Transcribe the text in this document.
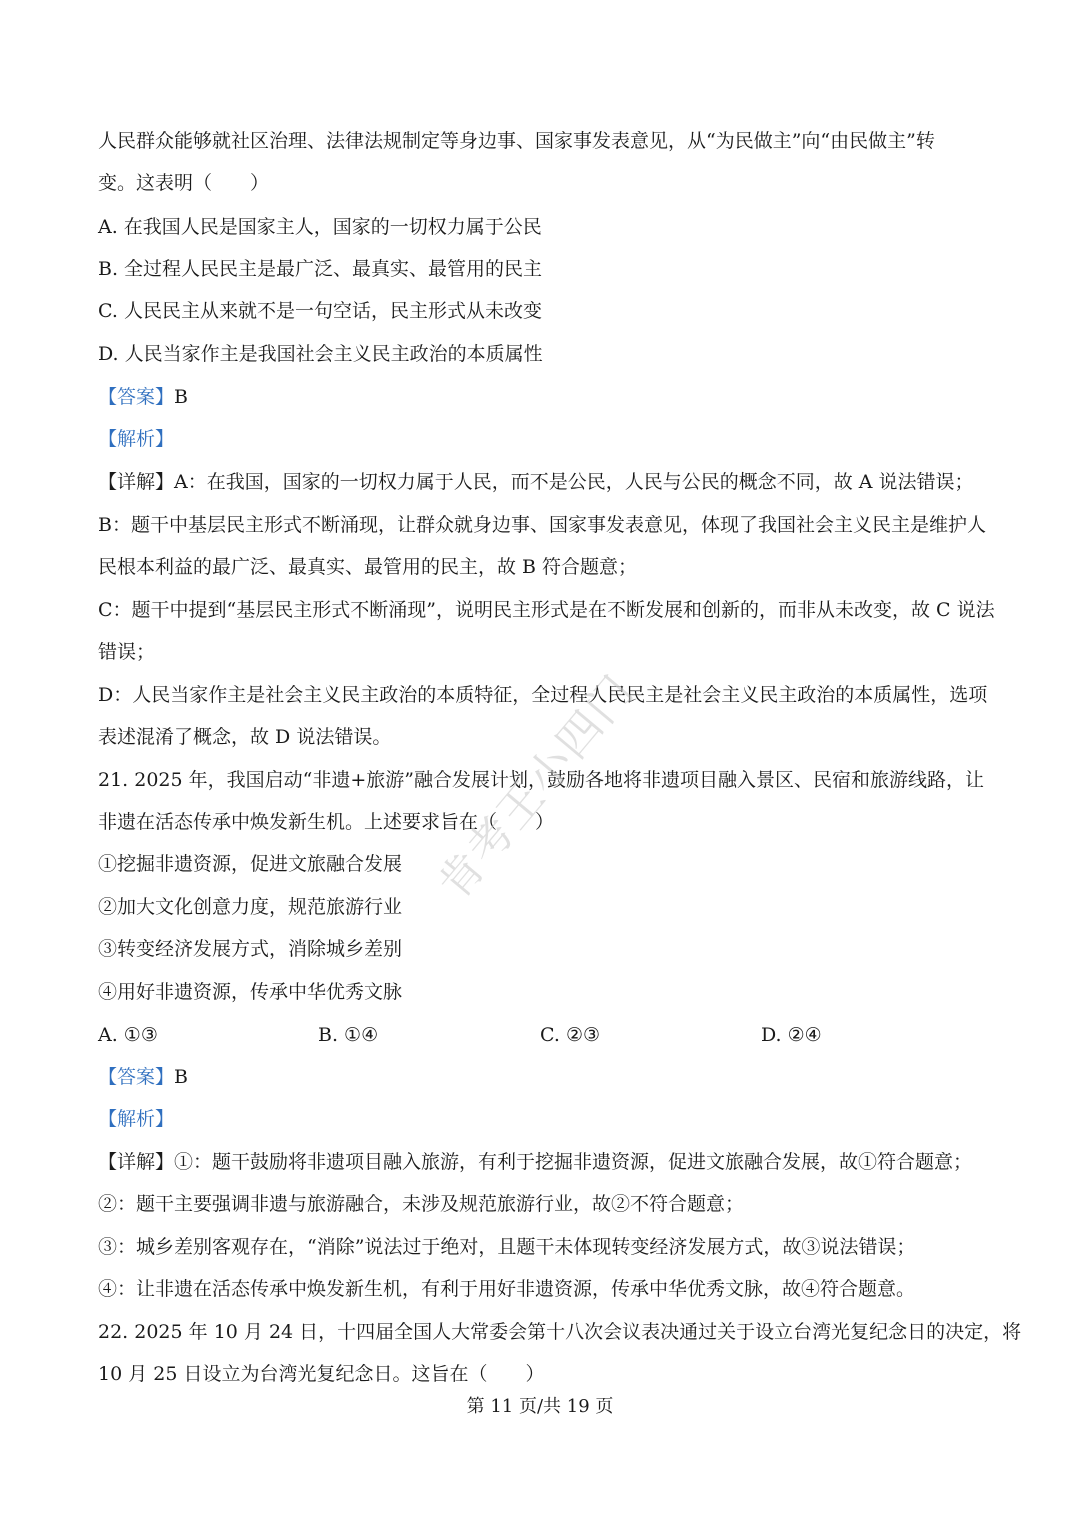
人民群众能够就社区治理、法律法规制定等身边事、国家事发表意见，从“为民做主”向“由民做主”转
变。这表明（　　）
A. 在我国人民是国家主人，国家的一切权力属于公民
B. 全过程人民民主是最广泛、最真实、最管用的民主
C. 人民民主从来就不是一句空话，民主形式从未改变
D. 人民当家作主是我国社会主义民主政治的本质属性
【答案】B
【解析】
【详解】A：在我国，国家的一切权力属于人民，而不是公民，人民与公民的概念不同，故 A 说法错误；
B：题干中基层民主形式不断涌现，让群众就身边事、国家事发表意见，体现了我国社会主义民主是维护人
民根本利益的最广泛、最真实、最管用的民主，故 B 符合题意；
C：题干中提到“基层民主形式不断涌现”，说明民主形式是在不断发展和创新的，而非从未改变，故 C 说法
错误；
D：人民当家作主是社会主义民主政治的本质特征，全过程人民民主是社会主义民主政治的本质属性，选项
表述混淆了概念，故 D 说法错误。
21. 2025 年，我国启动“非遗+旅游”融合发展计划，鼓励各地将非遗项目融入景区、民宿和旅游线路，让
非遗在活态传承中焕发新生机。上述要求旨在（　　）
①挖掘非遗资源，促进文旅融合发展
②加大文化创意力度，规范旅游行业
③转变经济发展方式，消除城乡差别
④用好非遗资源，传承中华优秀文脉
A. ①③	B. ①④	C. ②③	D. ②④
【答案】B
【解析】
【详解】①：题干鼓励将非遗项目融入旅游，有利于挖掘非遗资源，促进文旅融合发展，故①符合题意；
②：题干主要强调非遗与旅游融合，未涉及规范旅游行业，故②不符合题意；
③：城乡差别客观存在，“消除”说法过于绝对，且题干未体现转变经济发展方式，故③说法错误；
④：让非遗在活态传承中焕发新生机，有利于用好非遗资源，传承中华优秀文脉，故④符合题意。
22. 2025 年 10 月 24 日，十四届全国人大常委会第十八次会议表决通过关于设立台湾光复纪念日的决定，将
10 月 25 日设立为台湾光复纪念日。这旨在（　　）
第 11 页/共 19 页
肯考王小四门
